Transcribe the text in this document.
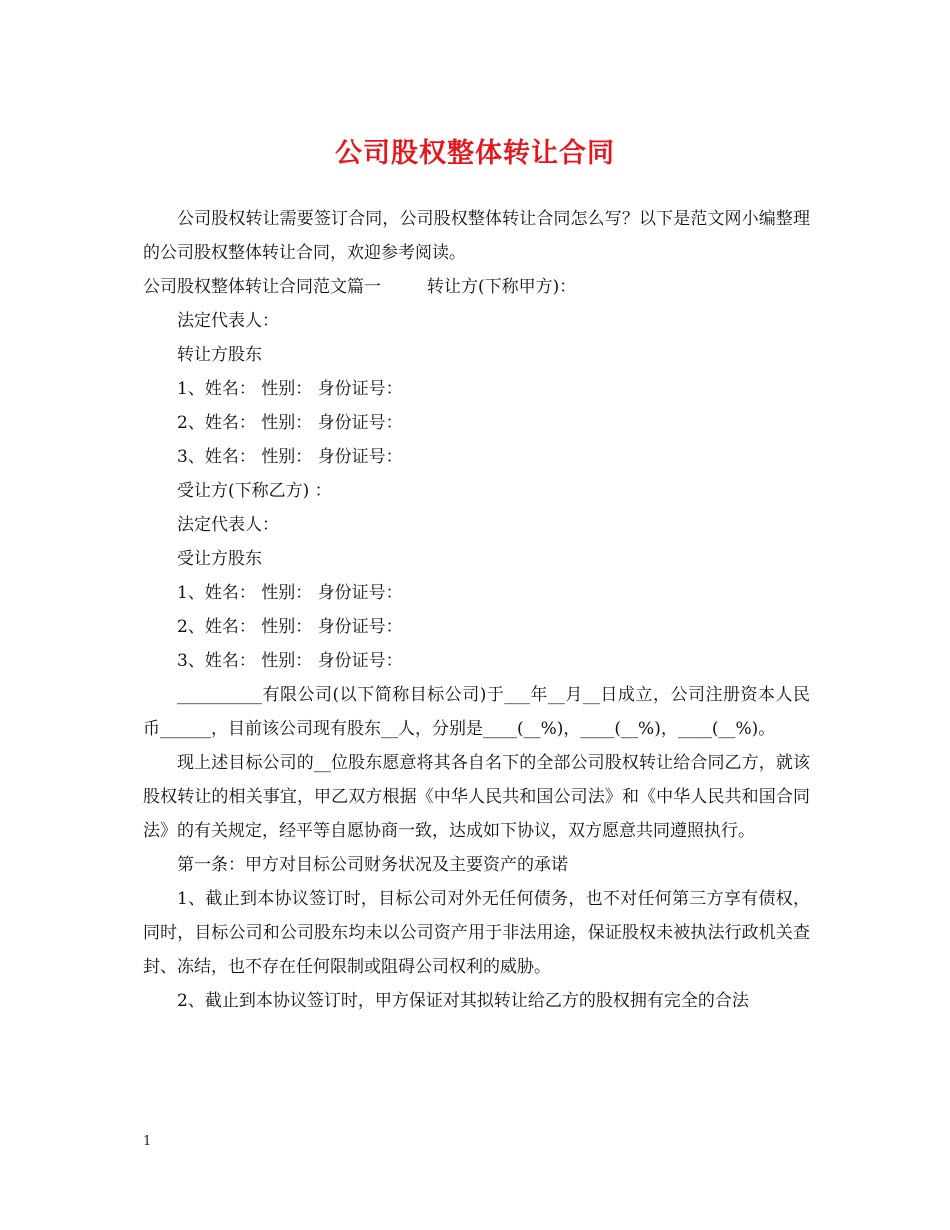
公司股权整体转让合同

公司股权转让需要签订合同，公司股权整体转让合同怎么写？以下是范文网小编整理的公司股权整体转让合同，欢迎参考阅读。

公司股权整体转让合同范文篇一	转让方(下称甲方)：

法定代表人：

转让方股东

1、姓名： 性别： 身份证号：

2、姓名： 性别： 身份证号：

3、姓名： 性别： 身份证号：

受让方(下称乙方) ：

法定代表人：

受让方股东

1、姓名： 性别： 身份证号：

2、姓名： 性别： 身份证号：

3、姓名： 性别： 身份证号：

__________有限公司(以下简称目标公司)于___年__月__日成立，公司注册资本人民币______，目前该公司现有股东__人，分别是____(__%)，____(__%)，____(__%)。

现上述目标公司的__位股东愿意将其各自名下的全部公司股权转让给合同乙方，就该股权转让的相关事宜，甲乙双方根据《中华人民共和国公司法》和《中华人民共和国合同法》的有关规定，经平等自愿协商一致，达成如下协议，双方愿意共同遵照执行。

第一条：甲方对目标公司财务状况及主要资产的承诺

1、截止到本协议签订时，目标公司对外无任何债务，也不对任何第三方享有债权，同时，目标公司和公司股东均未以公司资产用于非法用途，保证股权未被执法行政机关查封、冻结，也不存在任何限制或阻碍公司权利的威胁。

2、截止到本协议签订时，甲方保证对其拟转让给乙方的股权拥有完全的合法

1
